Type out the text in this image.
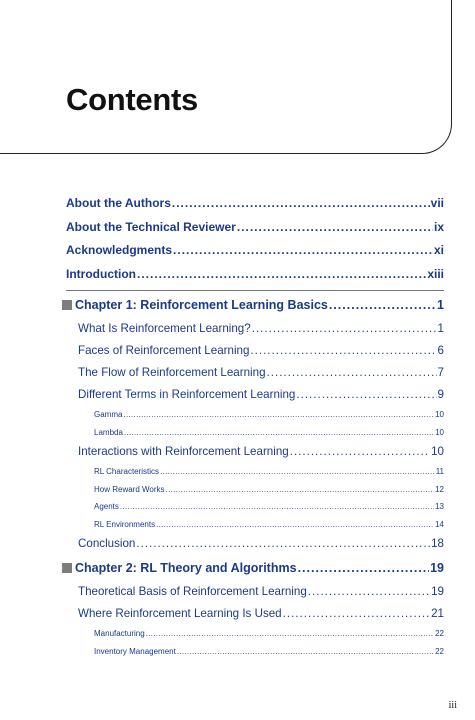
Contents
About the Authors .....	vii
About the Technical Reviewer .....	ix
Acknowledgments .....	xi
Introduction .....	xiii
Chapter 1: Reinforcement Learning Basics .....	1
What Is Reinforcement Learning? .....	1
Faces of Reinforcement Learning .....	6
The Flow of Reinforcement Learning .....	7
Different Terms in Reinforcement Learning .....	9
Gamma .....	10
Lambda .....	10
Interactions with Reinforcement Learning .....	10
RL Characteristics .....	11
How Reward Works .....	12
Agents .....	13
RL Environments .....	14
Conclusion .....	18
Chapter 2: RL Theory and Algorithms .....	19
Theoretical Basis of Reinforcement Learning .....	19
Where Reinforcement Learning Is Used .....	21
Manufacturing .....	22
Inventory Management .....	22
iii
